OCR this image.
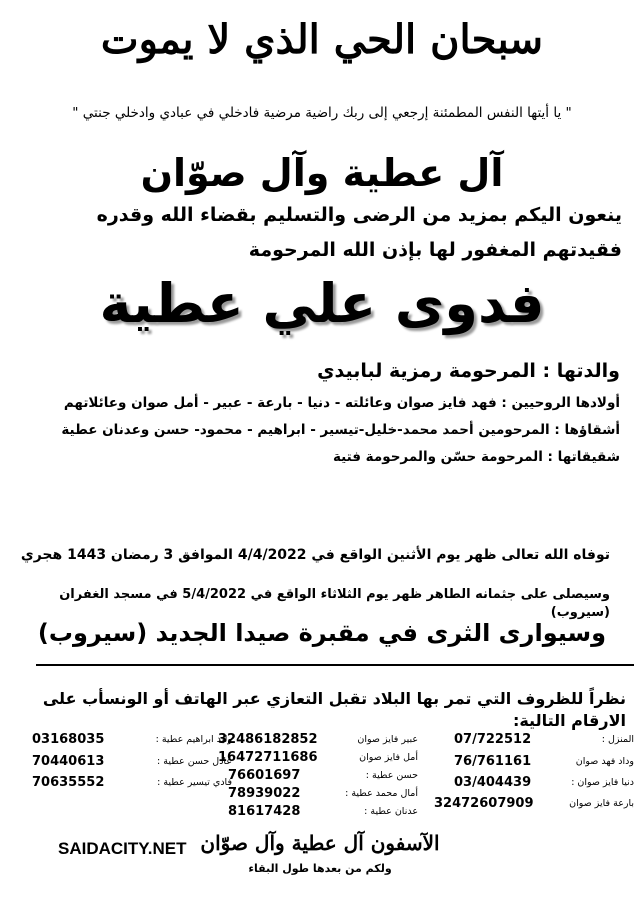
سبحان الحي الذي لا يموت
" يا أيتها النفس المطمئنة إرجعي إلى ربك راضية مرضية فادخلي في عبادي وادخلي جنتي "
آل عطية وآل صوّان
ينعون اليكم بمزيد من الرضى والتسليم بقضاء الله وقدره
فقيدتهم المغفور لها بإذن الله المرحومة
فدوى علي عطية
والدتها : المرحومة رمزية لبابيدي
أولادها الروحيين : فهد فايز صوان وعائلته - دنيا - بارعة - عبير - أمل صوان وعائلاتهم
أشقاؤها : المرحومين أحمد محمد-خليل-تيسير - ابراهيم - محمود- حسن وعدنان عطية
شقيقاتها : المرحومة حسّن والمرحومة فتية
توفاه الله تعالى ظهر يوم الأثنين الواقع في 4/4/2022 الموافق 3 رمضان 1443 هجري
وسيصلى على جثمانه الطاهر ظهر يوم الثلاثاء الواقع في 5/4/2022 في مسجد الغفران (سيروب)
وسيوارى الثرى في مقبرة صيدا الجديد (سيروب)
نظراً للظروف التي تمر بها البلاد تقبل التعازي عبر الهاتف أو الونسأب على الارقام التالية:
المنزل :
07/722512
وداد فهد صوان
76/761161
دنيا فايز صوان :
03/404439
بارعة فايز صوان
32472607909
عبير فايز صوان
32486182852
أمل فايز صوان
16472711686
حسن عطية :
76601697
أمال محمد عطية :
78939022
عدنان عطية :
81617428
وليد ابراهيم عطية :
03168035
عادل حسن عطية :
70440613
فادي تيسير عطية :
70635552
الآسفون آل عطية وآل صوّان
ولكم من بعدها طول البقاء
SAIDACITY.NET
